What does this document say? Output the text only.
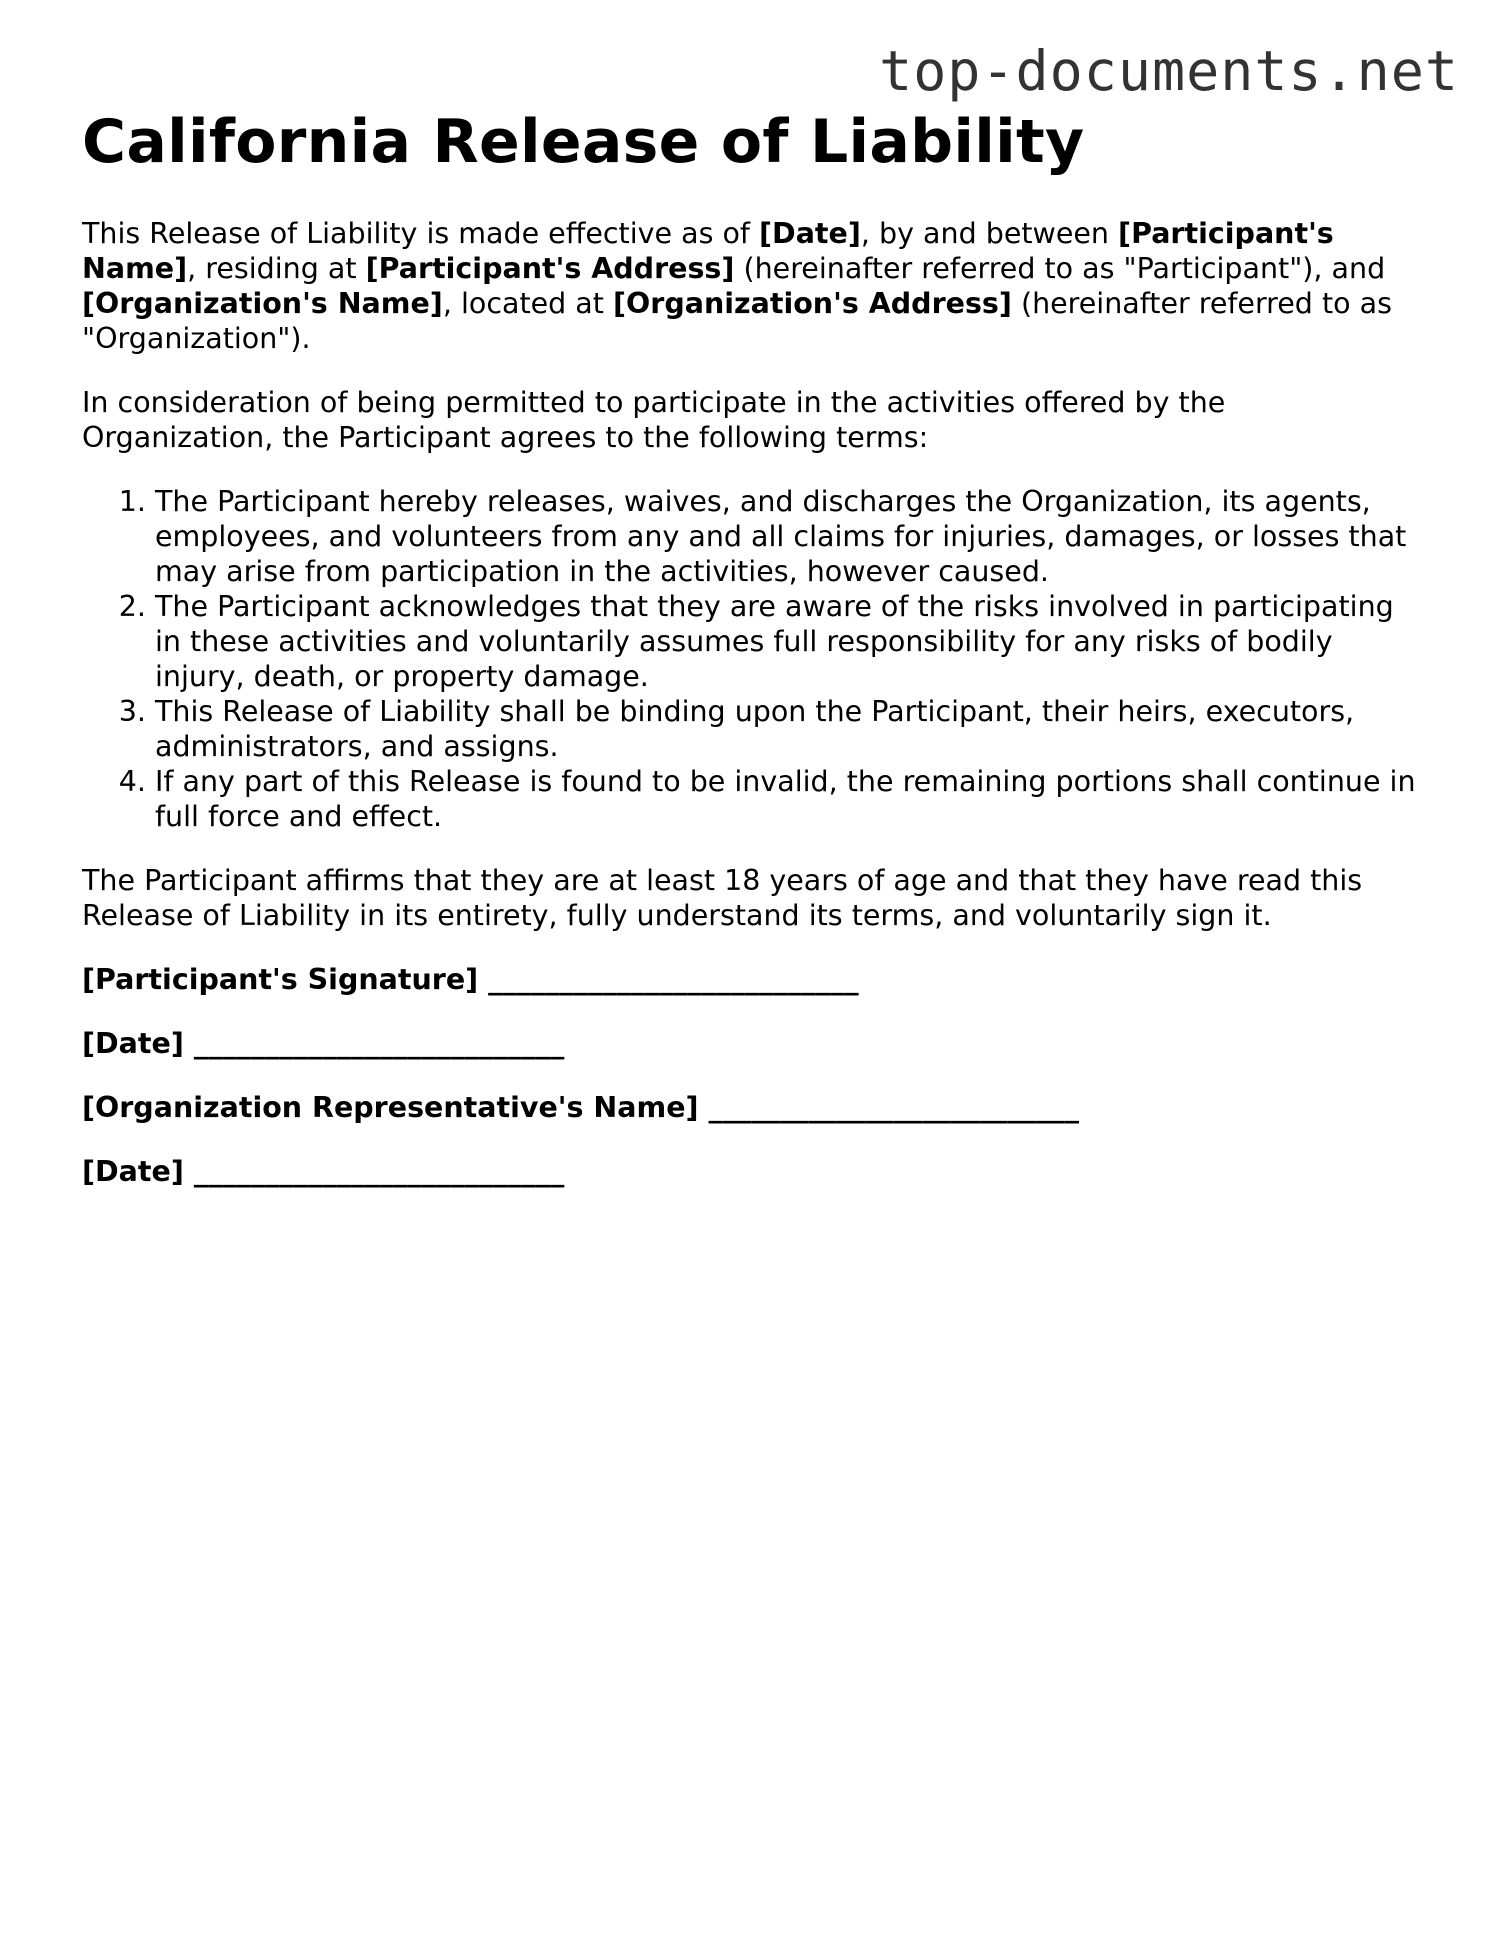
top-documents.net
California Release of Liability

This Release of Liability is made effective as of [Date], by and between [Participant's Name], residing at [Participant's Address] (hereinafter referred to as "Participant"), and [Organization's Name], located at [Organization's Address] (hereinafter referred to as "Organization").

In consideration of being permitted to participate in the activities offered by the Organization, the Participant agrees to the following terms:

1. The Participant hereby releases, waives, and discharges the Organization, its agents, employees, and volunteers from any and all claims for injuries, damages, or losses that may arise from participation in the activities, however caused.
2. The Participant acknowledges that they are aware of the risks involved in participating in these activities and voluntarily assumes full responsibility for any risks of bodily injury, death, or property damage.
3. This Release of Liability shall be binding upon the Participant, their heirs, executors, administrators, and assigns.
4. If any part of this Release is found to be invalid, the remaining portions shall continue in full force and effect.

The Participant affirms that they are at least 18 years of age and that they have read this Release of Liability in its entirety, fully understand its terms, and voluntarily sign it.

[Participant's Signature] __________________________

[Date] __________________________

[Organization Representative's Name] __________________________

[Date] __________________________
